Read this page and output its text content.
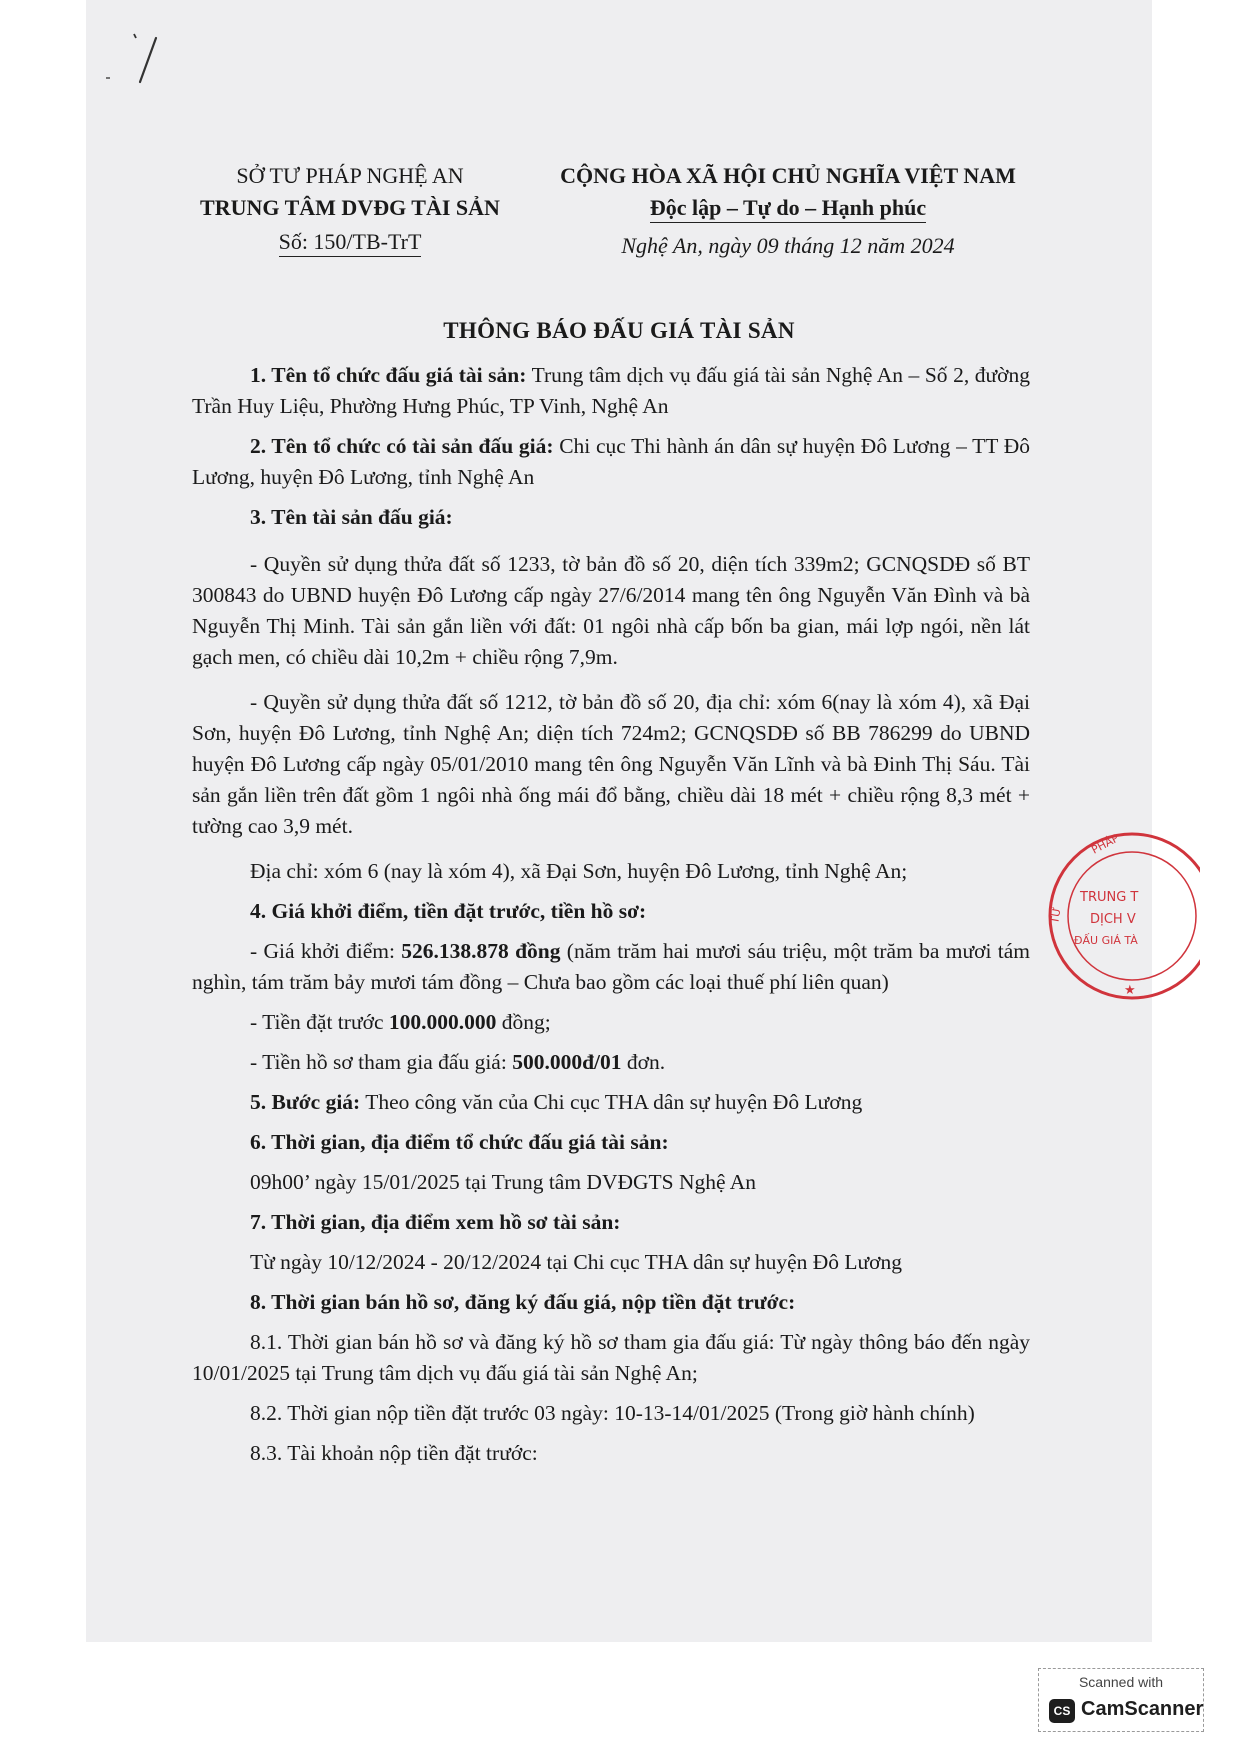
SỞ TƯ PHÁP NGHỆ AN
TRUNG TÂM DVĐG TÀI SẢN
Số: 150/TB-TrT
CỘNG HÒA XÃ HỘI CHỦ NGHĨA VIỆT NAM
Độc lập – Tự do – Hạnh phúc
Nghệ An, ngày 09 tháng 12 năm 2024
THÔNG BÁO ĐẤU GIÁ TÀI SẢN

1. Tên tổ chức đấu giá tài sản: Trung tâm dịch vụ đấu giá tài sản Nghệ An – Số 2, đường Trần Huy Liệu, Phường Hưng Phúc, TP Vinh, Nghệ An

2. Tên tổ chức có tài sản đấu giá: Chi cục Thi hành án dân sự huyện Đô Lương – TT Đô Lương, huyện Đô Lương, tỉnh Nghệ An

3. Tên tài sản đấu giá:

- Quyền sử dụng thửa đất số 1233, tờ bản đồ số 20, diện tích 339m2; GCNQSDĐ số BT 300843 do UBND huyện Đô Lương cấp ngày 27/6/2014 mang tên ông Nguyễn Văn Đình và bà Nguyễn Thị Minh. Tài sản gắn liền với đất: 01 ngôi nhà cấp bốn ba gian, mái lợp ngói, nền lát gạch men, có chiều dài 10,2m + chiều rộng 7,9m.

- Quyền sử dụng thửa đất số 1212, tờ bản đồ số 20, địa chỉ: xóm 6(nay là xóm 4), xã Đại Sơn, huyện Đô Lương, tỉnh Nghệ An; diện tích 724m2; GCNQSDĐ số BB 786299 do UBND huyện Đô Lương cấp ngày 05/01/2010 mang tên ông Nguyễn Văn Lĩnh và bà Đinh Thị Sáu. Tài sản gắn liền trên đất gồm 1 ngôi nhà ống mái đổ bằng, chiều dài 18 mét + chiều rộng 8,3 mét + tường cao 3,9 mét.

Địa chỉ: xóm 6 (nay là xóm 4), xã Đại Sơn, huyện Đô Lương, tỉnh Nghệ An;

4. Giá khởi điểm, tiền đặt trước, tiền hồ sơ:

- Giá khởi điểm: 526.138.878 đồng (năm trăm hai mươi sáu triệu, một trăm ba mươi tám nghìn, tám trăm bảy mươi tám đồng – Chưa bao gồm các loại thuế phí liên quan)

- Tiền đặt trước 100.000.000 đồng;

- Tiền hồ sơ tham gia đấu giá: 500.000đ/01 đơn.

5. Bước giá: Theo công văn của Chi cục THA dân sự huyện Đô Lương

6. Thời gian, địa điểm tổ chức đấu giá tài sản:

09h00’ ngày 15/01/2025 tại Trung tâm DVĐGTS Nghệ An

7. Thời gian, địa điểm xem hồ sơ tài sản:

Từ ngày 10/12/2024 - 20/12/2024 tại Chi cục THA dân sự huyện Đô Lương

8. Thời gian bán hồ sơ, đăng ký đấu giá, nộp tiền đặt trước:

8.1. Thời gian bán hồ sơ và đăng ký hồ sơ tham gia đấu giá: Từ ngày thông báo đến ngày 10/01/2025 tại Trung tâm dịch vụ đấu giá tài sản Nghệ An;

8.2. Thời gian nộp tiền đặt trước 03 ngày: 10-13-14/01/2025 (Trong giờ hành chính)

8.3. Tài khoản nộp tiền đặt trước:

PHÁP
TƯ
TRUNG T
DỊCH V
ĐẤU GIÁ TÀ
★
Scanned with
CS CamScanner
